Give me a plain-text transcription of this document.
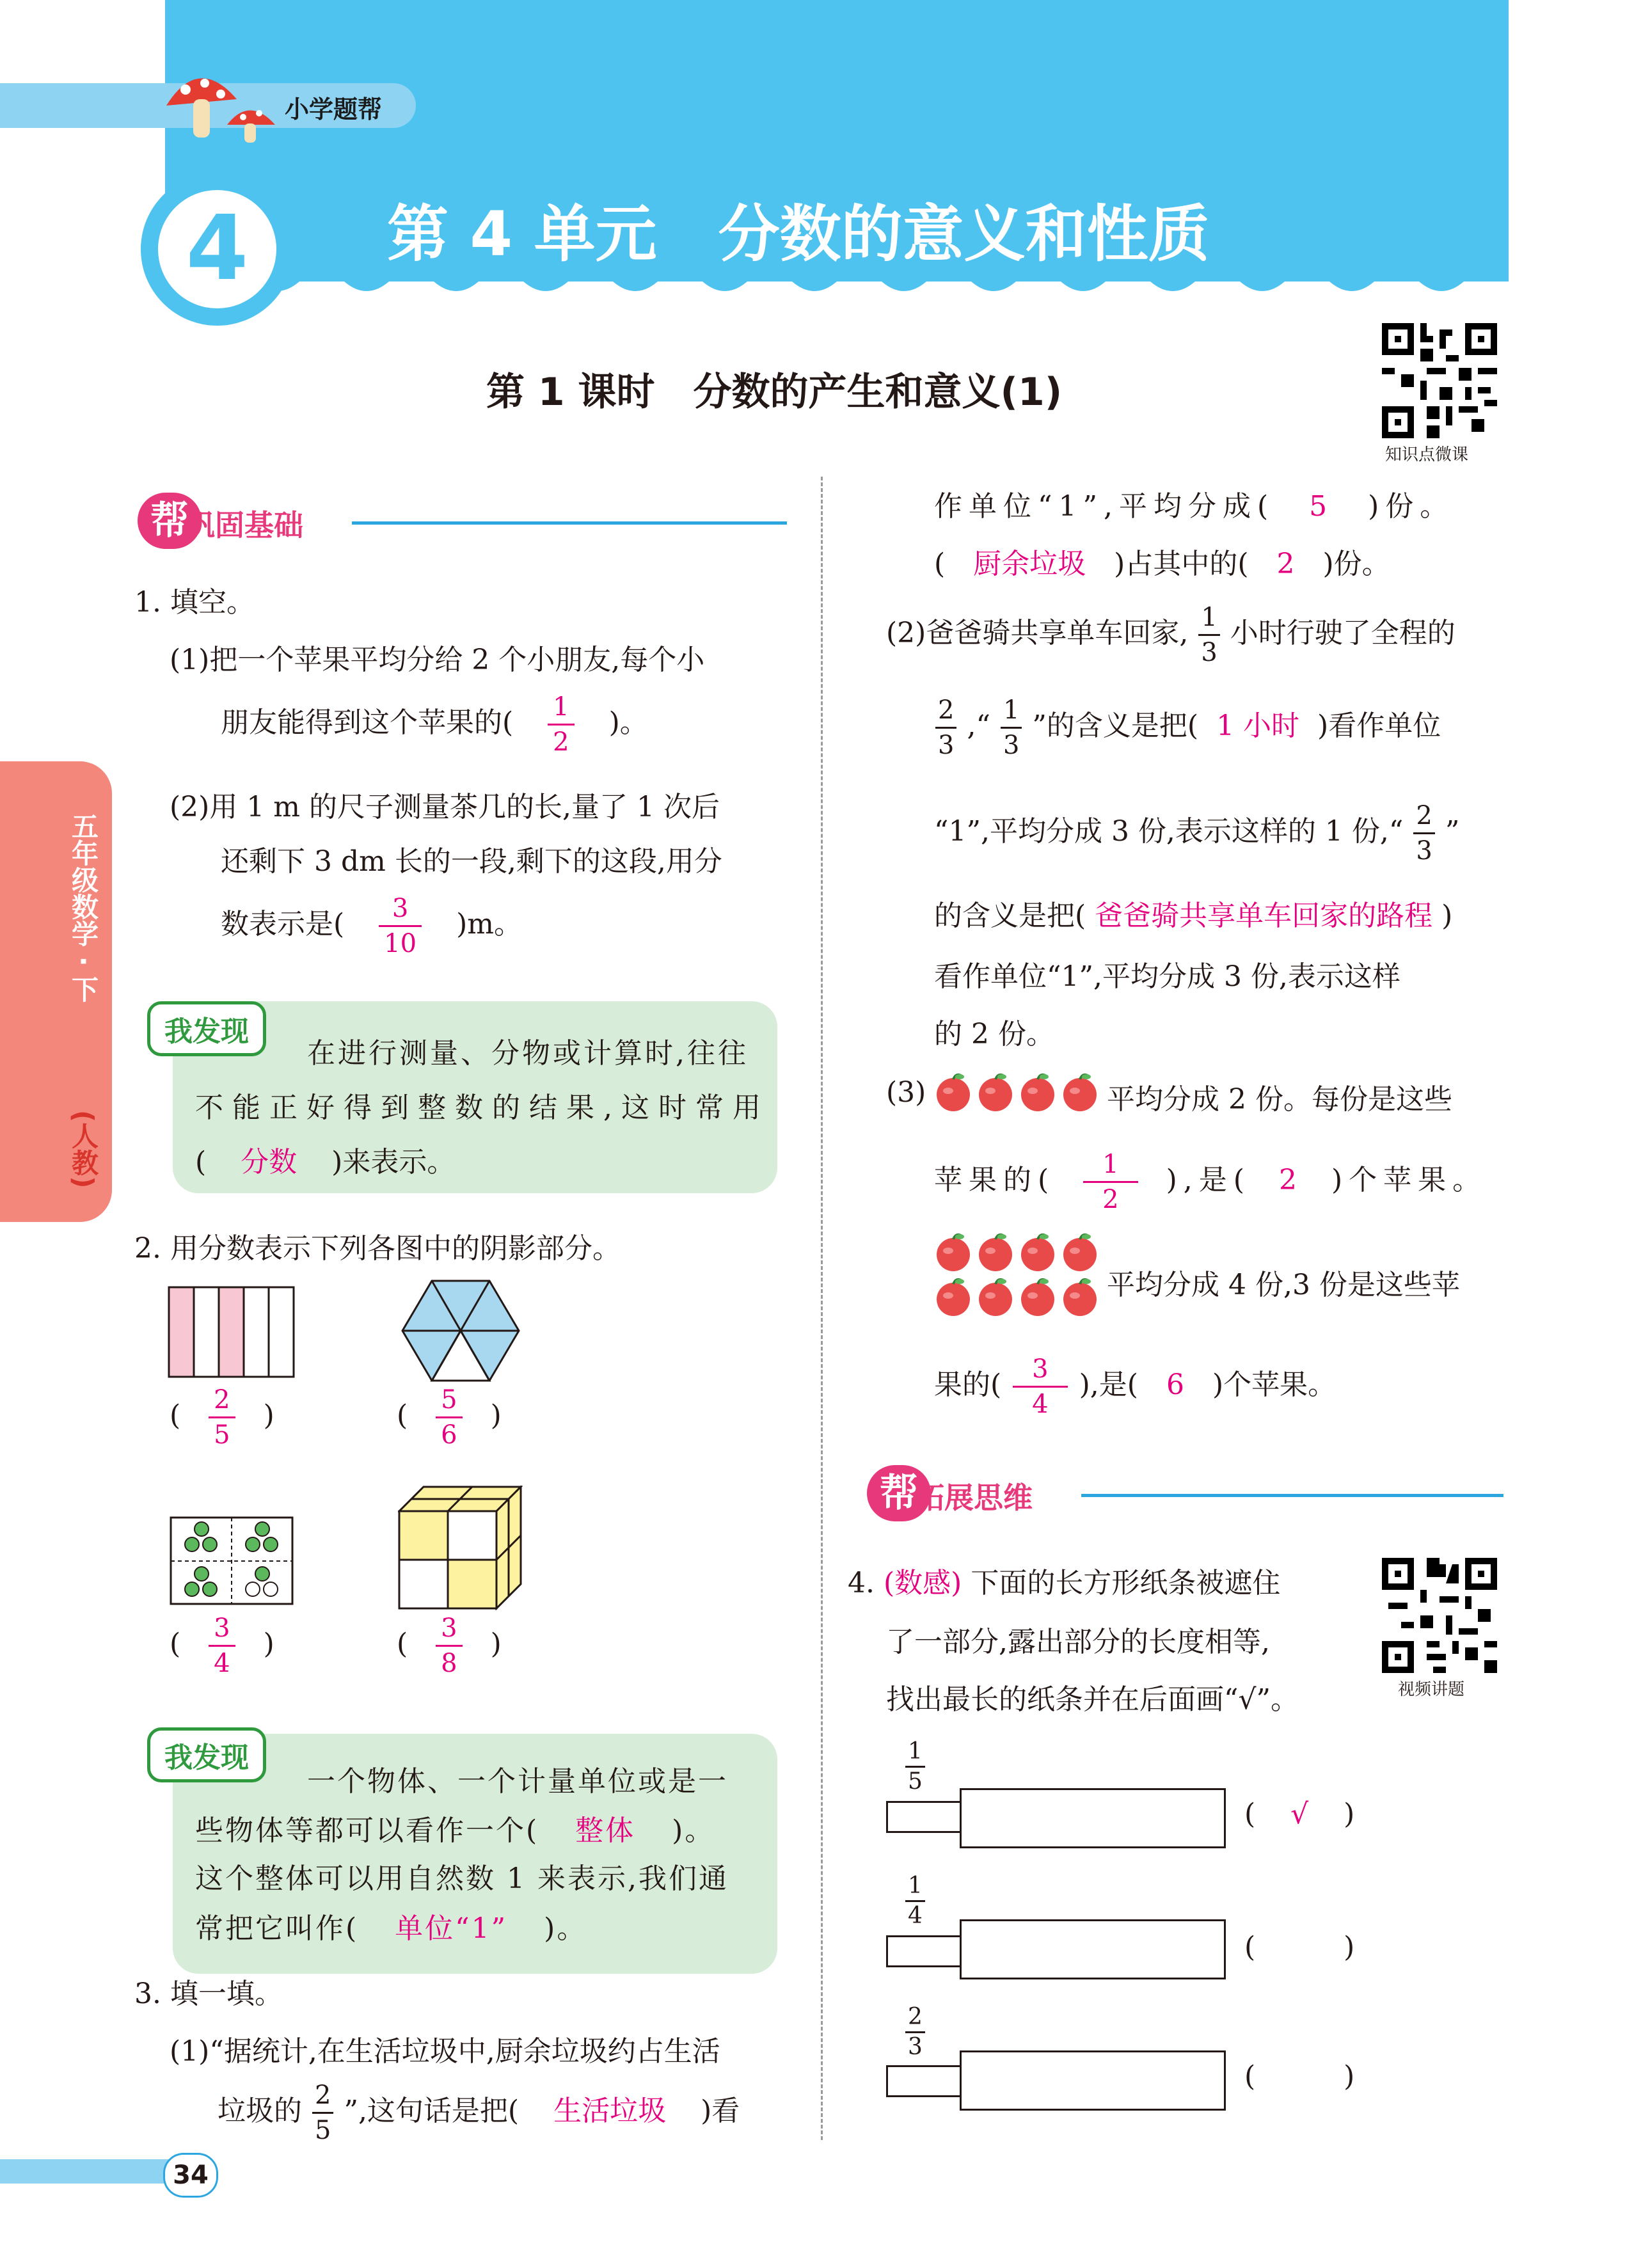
小学题帮
4	第 4 单元　分数的意义和性质
第 1 课时　分数的产生和意义(1)
知识点微课
五年级数学 · 下
(人教)
帮
巩固基础
1. 填空。
(1)把一个苹果平均分给 2 个小朋友,每个小
朋友能得到这个苹果的( $\frac{1}{2}$ )。
(2)用 1 m 的尺子测量茶几的长,量了 1 次后
还剩下 3 dm 长的一段,剩下的这段,用分
数表示是( $\frac{3}{10} )m$。
我发现
在进行测量、分物或计算时,往往
不能正好得到整数的结果,这时常用
( 分数 )来表示。
2. 用分数表示下列各图中的阴影部分。
( $\frac{2}{5}$ )	( $\frac{5}{6}$ )
( $\frac{3}{4}$ )	( $\frac{3}{8}$ )
我发现
一个物体、一个计量单位或是一
些物体等都可以看作一个( 整体 )。
这个整体可以用自然数 1 来表示,我们通
常把它叫作( 单位“1” )。
3. 填一填。
(1)“据统计,在生活垃圾中,厨余垃圾约占生活
垃圾的 $\frac{2}{5}$ ”,这句话是把( 生活垃圾 )看
34
作单位“1”,平均分成( 5 )份。
( 厨余垃圾 )占其中的( 2 )份。
(2)爸爸骑共享单车回家, $\frac{1}{3}$ 小时行驶了全程的
$\frac{2}{3}$ ,“ $\frac{1}{3}$ ”的含义是把( 1 小时 )看作单位
“1”,平均分成 3 份,表示这样的 1 份,“ $\frac{2}{3}$ ”
的含义是把( 爸爸骑共享单车回家的路程 )
看作单位“1”,平均分成 3 份,表示这样
的 2 份。
(3)	平均分成 2 份。每份是这些
苹果的( $\frac{1}{2}$ ),是( 2 )个苹果。
平均分成 4 份,3 份是这些苹
果的( $\frac{3}{4}$ ),是( 6 )个苹果。
帮
拓展思维
4. (数感) 下面的长方形纸条被遮住
了一部分,露出部分的长度相等,
找出最长的纸条并在后面画“√”。	视频讲题
$\frac{1}{5}$
( √ )
$\frac{1}{4}$
(	)
$\frac{2}{3}$
(	)
